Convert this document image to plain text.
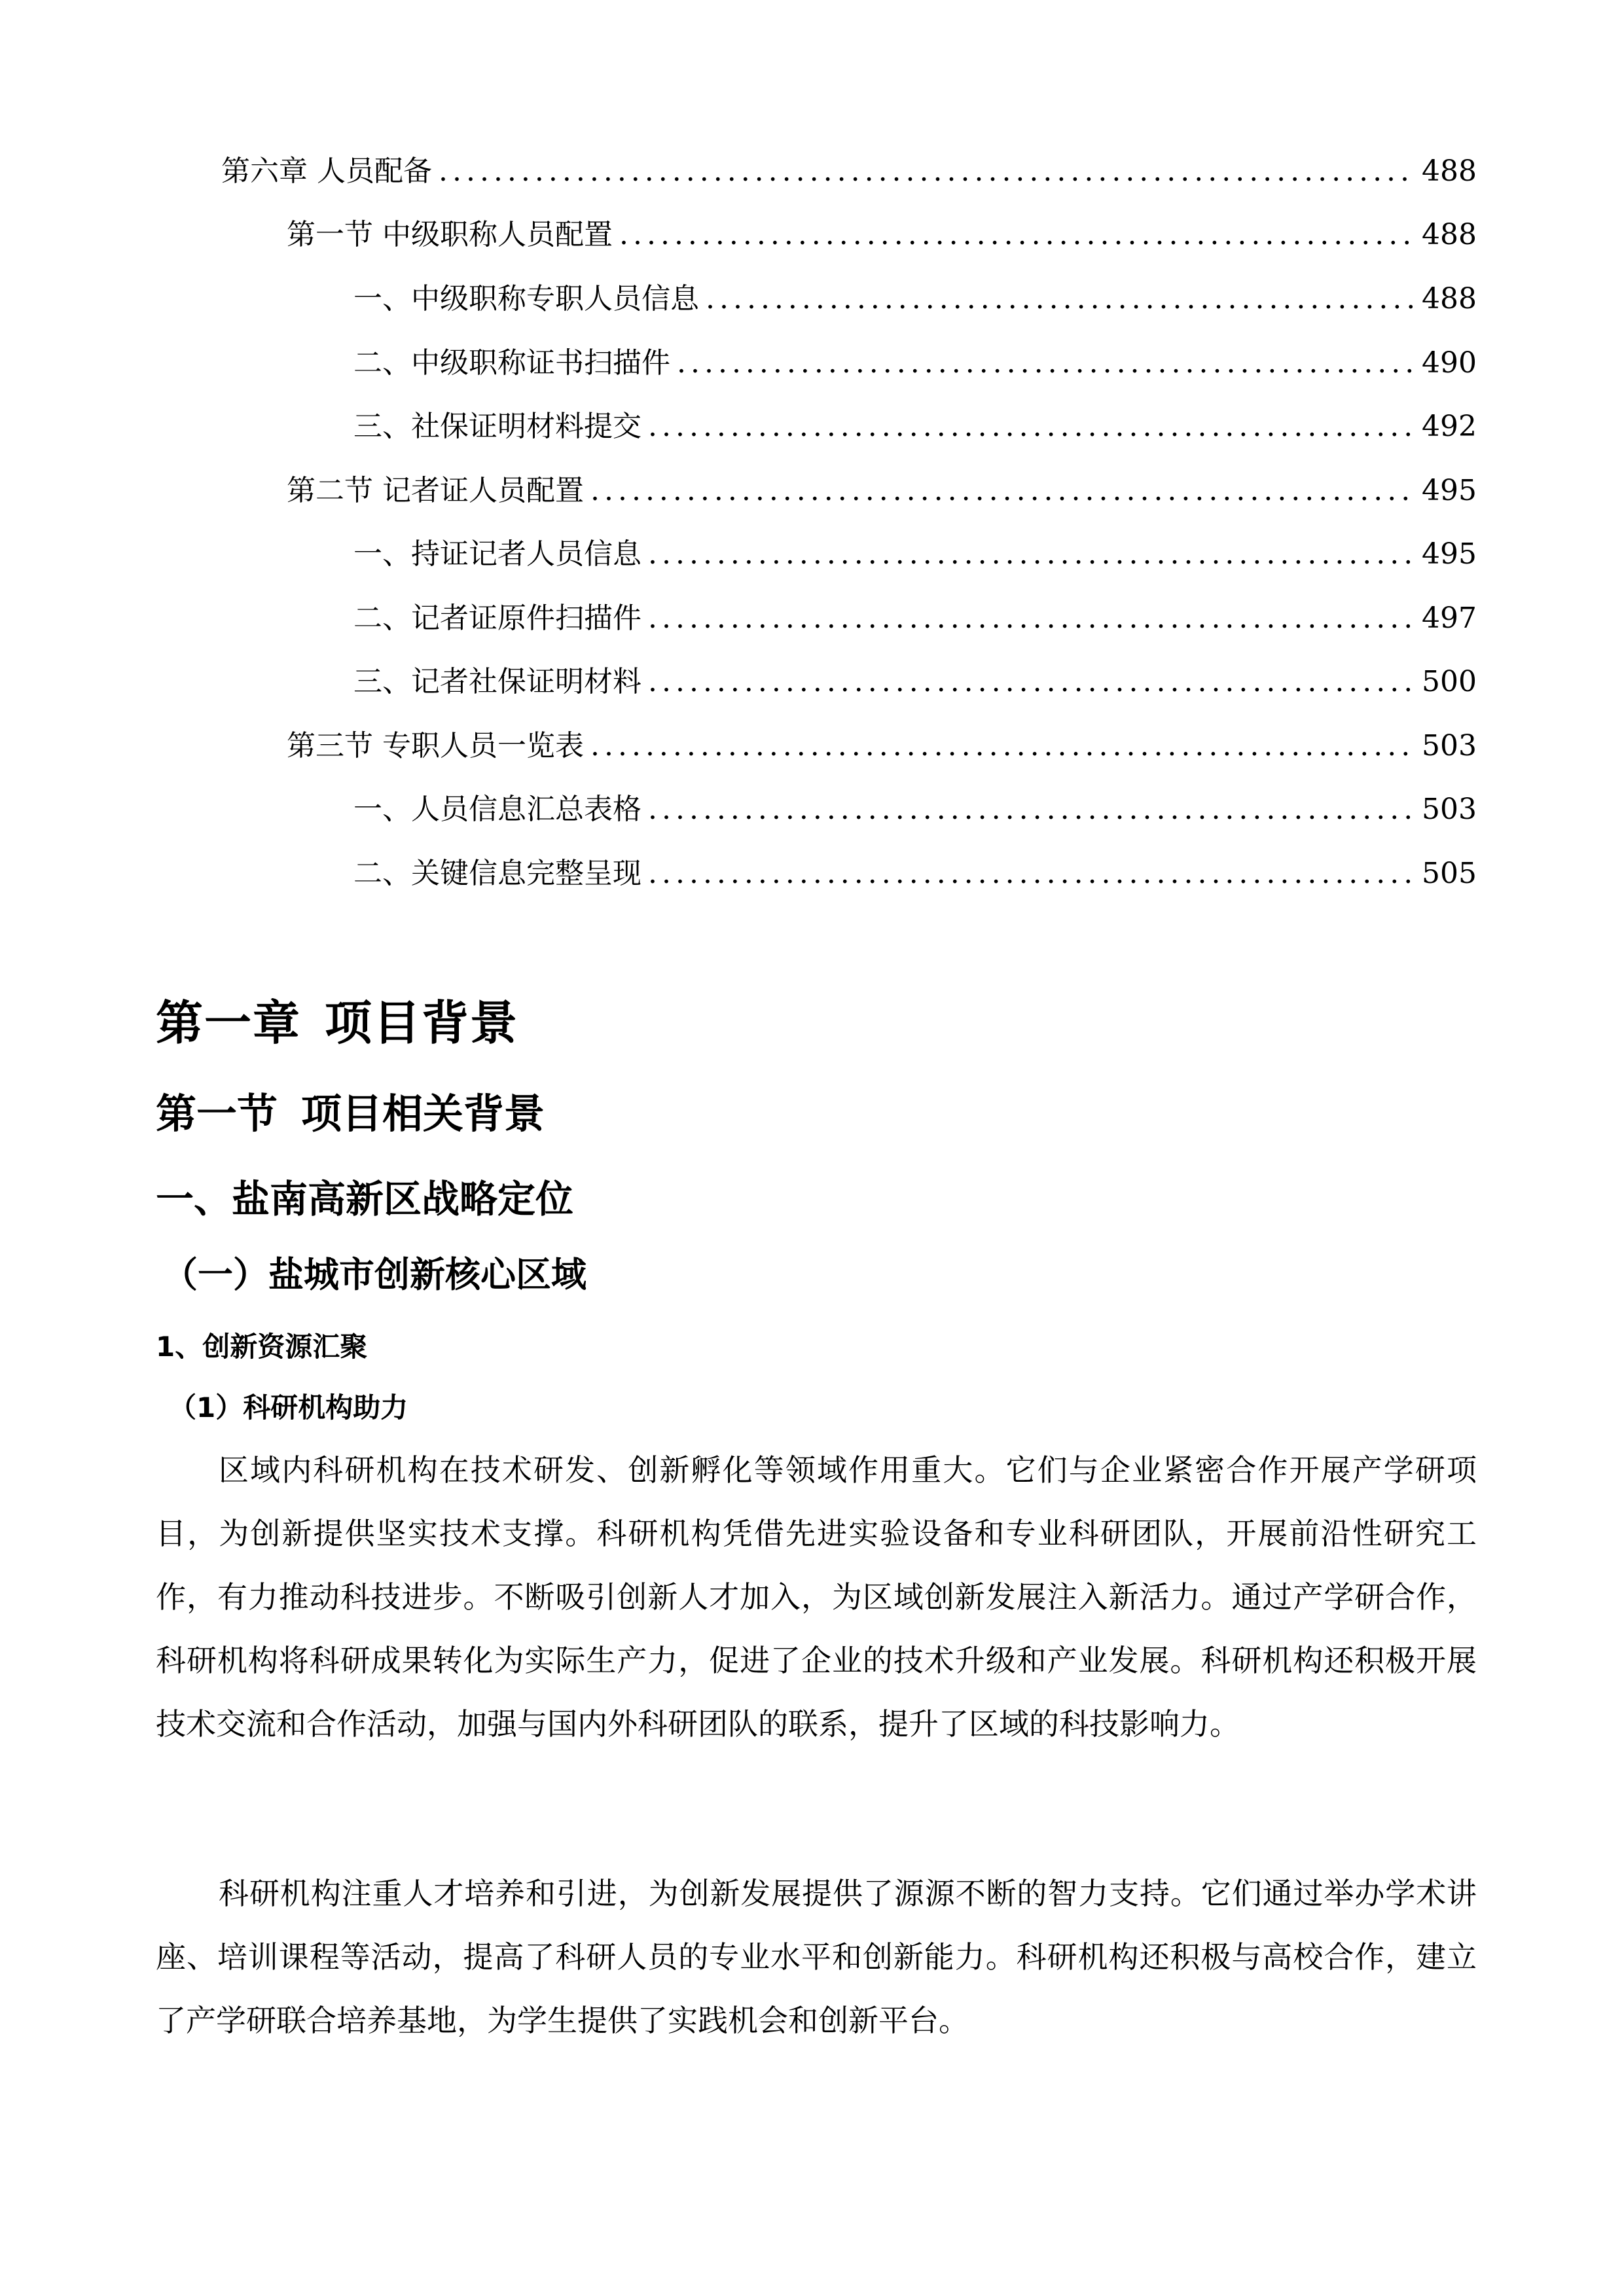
第六章 人员配备 .....	488
第一节 中级职称人员配置 .....	488
一、 中级职称专职人员信息 .....	488
二、 中级职称证书扫描件 .....	490
三、 社保证明材料提交 .....	492
第二节 记者证人员配置 .....	495
一、 持证记者人员信息 .....	495
二、 记者证原件扫描件 .....	497
三、 记者社保证明材料 .....	500
第三节 专职人员一览表 .....	503
一、 人员信息汇总表格 .....	503
二、 关键信息完整呈现 .....	505
第一章 项目背景
第一节 项目相关背景
一、盐南高新区战略定位
（一）盐城市创新核心区域
1、创新资源汇聚
（1）科研机构助力

区域内科研机构在技术研发、创新孵化等领域作用重大。它们与企业紧密合作开展产学研项目，为创新提供坚实技术支撑。科研机构凭借先进实验设备和专业科研团队，开展前沿性研究工作，有力推动科技进步。不断吸引创新人才加入，为区域创新发展注入新活力。通过产学研合作，科研机构将科研成果转化为实际生产力，促进了企业的技术升级和产业发展。科研机构还积极开展技术交流和合作活动，加强与国内外科研团队的联系，提升了区域的科技影响力。

科研机构注重人才培养和引进，为创新发展提供了源源不断的智力支持。它们通过举办学术讲座、培训课程等活动，提高了科研人员的专业水平和创新能力。科研机构还积极与高校合作，建立了产学研联合培养基地，为学生提供了实践机会和创新平台。
